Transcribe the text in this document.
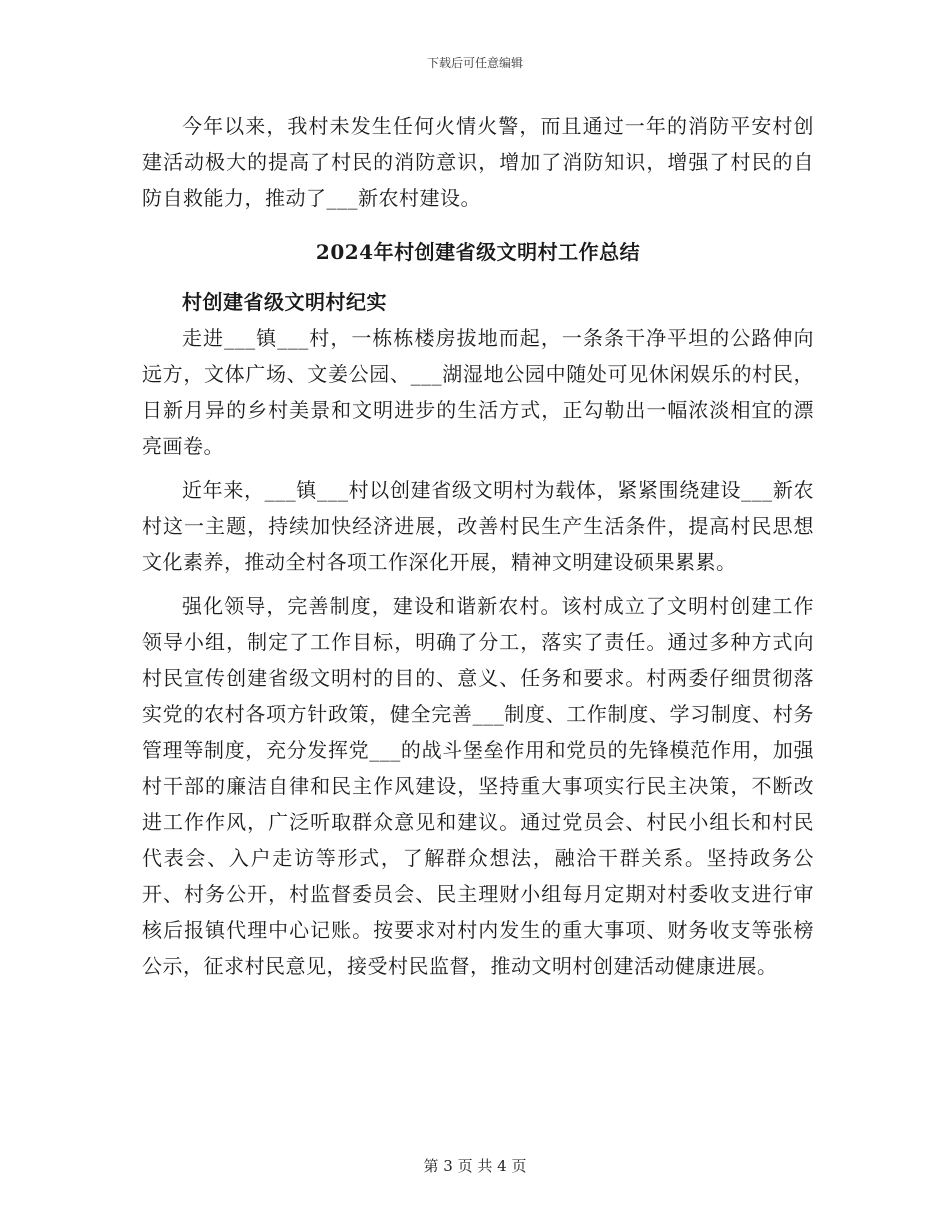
下载后可任意编辑

今年以来，我村未发生任何火情火警，而且通过一年的消防平安村创建活动极大的提高了村民的消防意识，增加了消防知识，增强了村民的自防自救能力，推动了___新农村建设。

2024年村创建省级文明村工作总结
村创建省级文明村纪实

走进___镇___村，一栋栋楼房拔地而起，一条条干净平坦的公路伸向远方，文体广场、文姜公园、___湖湿地公园中随处可见休闲娱乐的村民，日新月异的乡村美景和文明进步的生活方式，正勾勒出一幅浓淡相宜的漂亮画卷。

近年来，___镇___村以创建省级文明村为载体，紧紧围绕建设___新农村这一主题，持续加快经济进展，改善村民生产生活条件，提高村民思想文化素养，推动全村各项工作深化开展，精神文明建设硕果累累。

强化领导，完善制度，建设和谐新农村。该村成立了文明村创建工作领导小组，制定了工作目标，明确了分工，落实了责任。通过多种方式向村民宣传创建省级文明村的目的、意义、任务和要求。村两委仔细贯彻落实党的农村各项方针政策，健全完善___制度、工作制度、学习制度、村务管理等制度，充分发挥党___的战斗堡垒作用和党员的先锋模范作用，加强村干部的廉洁自律和民主作风建设，坚持重大事项实行民主决策，不断改进工作作风，广泛听取群众意见和建议。通过党员会、村民小组长和村民代表会、入户走访等形式，了解群众想法，融洽干群关系。坚持政务公开、村务公开，村监督委员会、民主理财小组每月定期对村委收支进行审核后报镇代理中心记账。按要求对村内发生的重大事项、财务收支等张榜公示，征求村民意见，接受村民监督，推动文明村创建活动健康进展。

第 3 页 共 4 页
